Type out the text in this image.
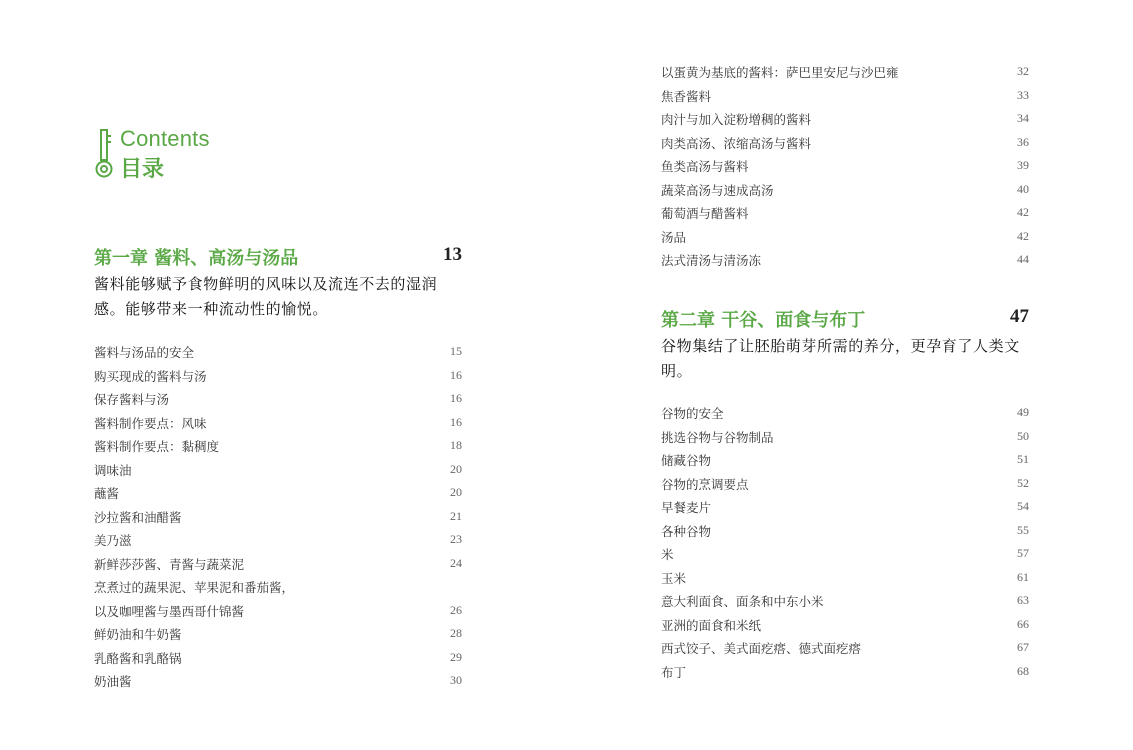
Contents
目录
第一章 酱料、高汤与汤品	13
酱料能够赋予食物鲜明的风味以及流连不去的湿润感。能够带来一种流动性的愉悦。
酱料与汤品的安全	15
购买现成的酱料与汤	16
保存酱料与汤	16
酱料制作要点：风味	16
酱料制作要点：黏稠度	18
调味油	20
蘸酱	20
沙拉酱和油醋酱	21
美乃滋	23
新鲜莎莎酱、青酱与蔬菜泥	24
烹煮过的蔬果泥、苹果泥和番茄酱，
以及咖哩酱与墨西哥什锦酱	26
鲜奶油和牛奶酱	28
乳酪酱和乳酪锅	29
奶油酱	30
以蛋黄为基底的酱料：萨巴里安尼与沙巴雍	32
焦香酱料	33
肉汁与加入淀粉增稠的酱料	34
肉类高汤、浓缩高汤与酱料	36
鱼类高汤与酱料	39
蔬菜高汤与速成高汤	40
葡萄酒与醋酱料	42
汤品	42
法式清汤与清汤冻	44
第二章 干谷、面食与布丁	47
谷物集结了让胚胎萌芽所需的养分，更孕育了人类文明。
谷物的安全	49
挑选谷物与谷物制品	50
储藏谷物	51
谷物的烹调要点	52
早餐麦片	54
各种谷物	55
米	57
玉米	61
意大利面食、面条和中东小米	63
亚洲的面食和米纸	66
西式饺子、美式面疙瘩、德式面疙瘩	67
布丁	68
